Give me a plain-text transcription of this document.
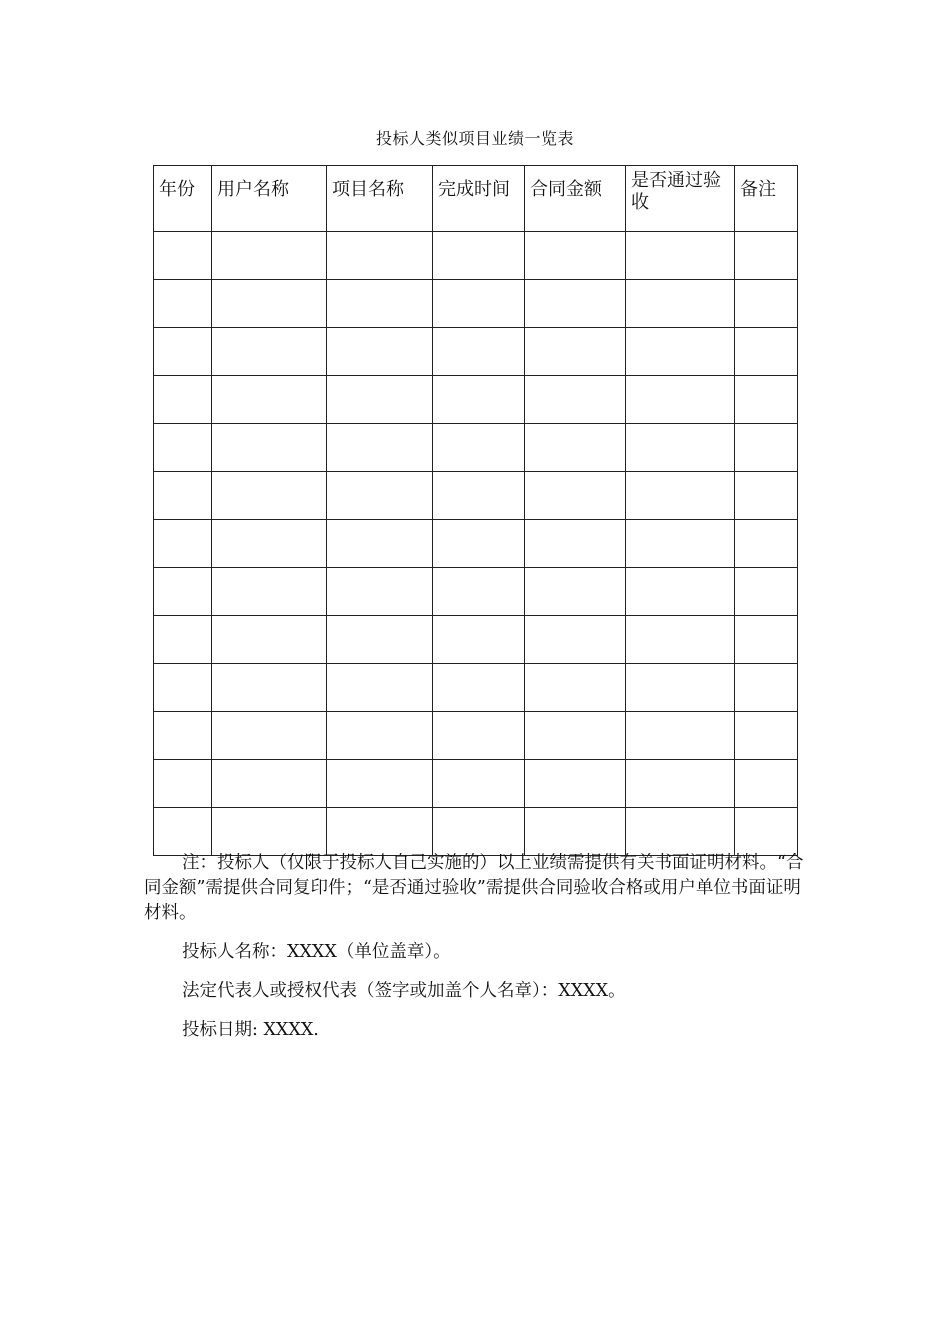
投标人类似项目业绩一览表
年份	用户名称	项目名称	完成时间	合同金额	是否通过验收	备注

注：投标人（仅限于投标人自己实施的）以上业绩需提供有关书面证明材料。“合同金额”需提供合同复印件；“是否通过验收”需提供合同验收合格或用户单位书面证明材料。

投标人名称：XXXX（单位盖章）。

法定代表人或授权代表（签字或加盖个人名章）：XXXX。

投标日期: XXXX.
